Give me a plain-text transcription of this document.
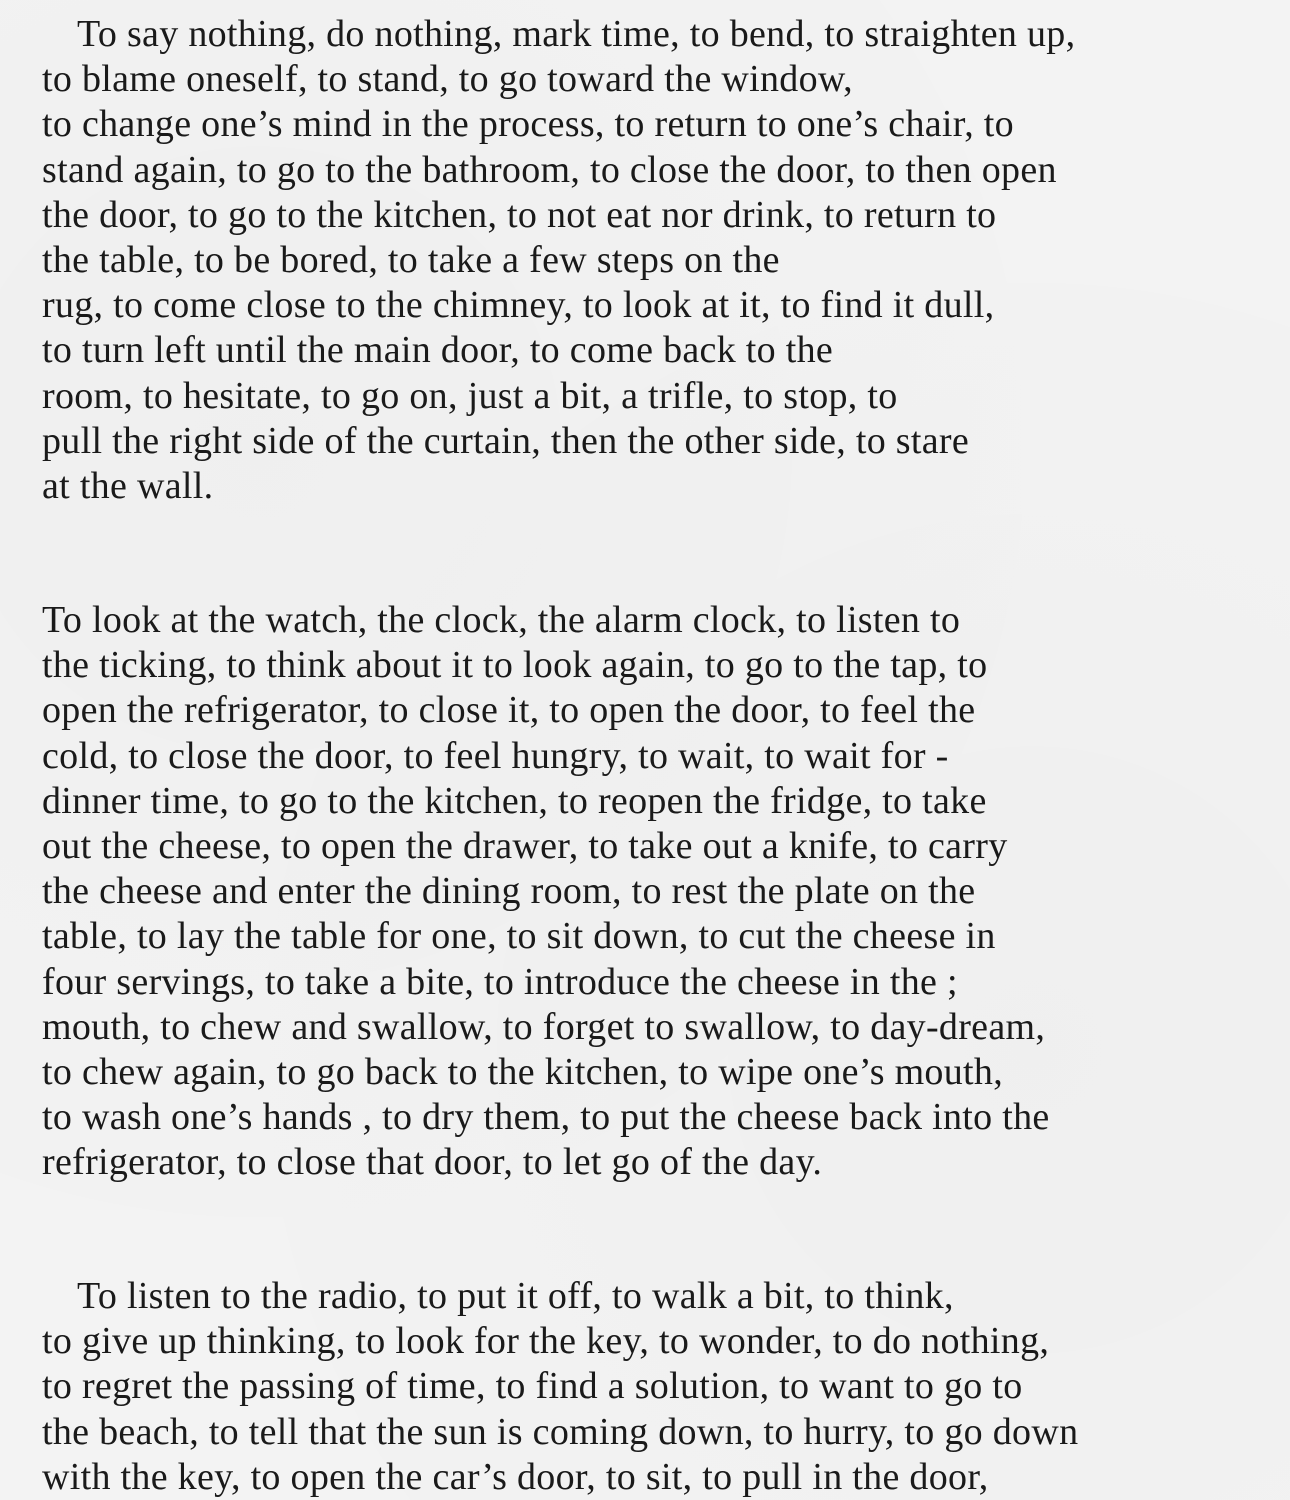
To say nothing, do nothing, mark time, to bend, to straighten up,
to blame oneself, to stand, to go toward the window,
to change one’s mind in the process, to return to one’s chair, to
stand again, to go to the bathroom, to close the door, to then open
the door, to go to the kitchen, to not eat nor drink, to return to
the table, to be bored, to take a few steps on the
rug, to come close to the chimney, to look at it, to find it dull,
to turn left until the main door, to come back to the
room, to hesitate, to go on, just a bit, a trifle, to stop, to
pull the right side of the curtain, then the other side, to stare
at the wall.
To look at the watch, the clock, the alarm clock, to listen to
the ticking, to think about it to look again, to go to the tap, to
open the refrigerator, to close it, to open the door, to feel the
cold, to close the door, to feel hungry, to wait, to wait for -
dinner time, to go to the kitchen, to reopen the fridge, to take
out the cheese, to open the drawer, to take out a knife, to carry
the cheese and enter the dining room, to rest the plate on the
table, to lay the table for one, to sit down, to cut the cheese in
four servings, to take a bite, to introduce the cheese in the ;
mouth, to chew and swallow, to forget to swallow, to day-dream,
to chew again, to go back to the kitchen, to wipe one’s mouth,
to wash one’s hands , to dry them, to put the cheese back into the
refrigerator, to close that door, to let go of the day.
To listen to the radio, to put it off, to walk a bit, to think,
to give up thinking, to look for the key, to wonder, to do nothing,
to regret the passing of time, to find a solution, to want to go to
the beach, to tell that the sun is coming down, to hurry, to go down
with the key, to open the car’s door, to sit, to pull in the door,
